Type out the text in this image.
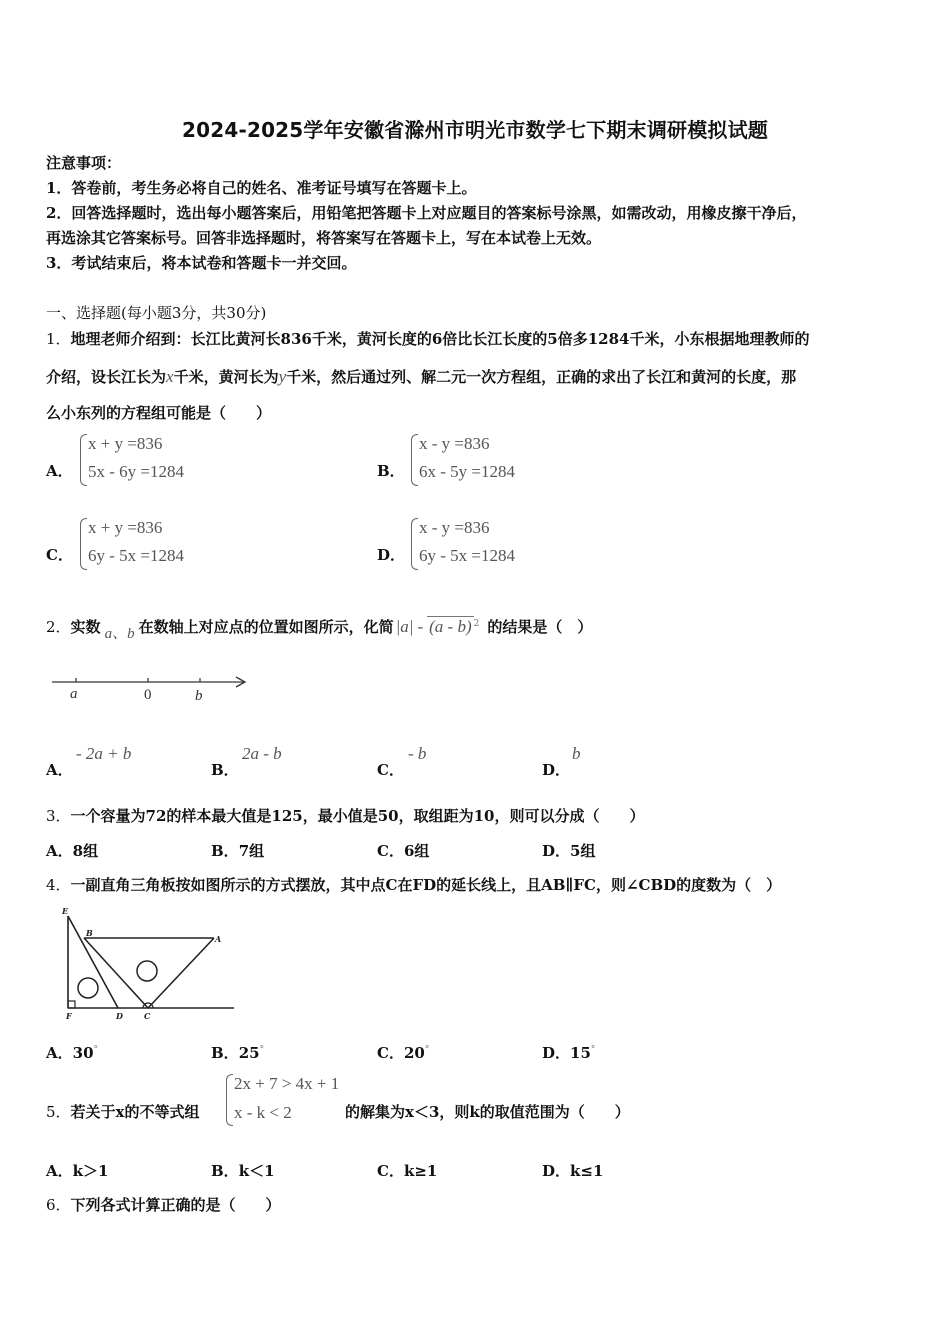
2024-2025学年安徽省滁州市明光市数学七下期末调研模拟试题
注意事项：
1．答卷前，考生务必将自己的姓名、准考证号填写在答题卡上。
2．回答选择题时，选出每小题答案后，用铅笔把答题卡上对应题目的答案标号涂黑，如需改动，用橡皮擦干净后，
再选涂其它答案标号。回答非选择题时，将答案写在答题卡上，写在本试卷上无效。
3．考试结束后，将本试卷和答题卡一并交回。
一、选择题(每小题3分，共30分)
1．地理老师介绍到：长江比黄河长836千米，黄河长度的6倍比长江长度的5倍多1284千米，小东根据地理教师的
介绍，设长江长为x千米，黄河长为y千米，然后通过列、解二元一次方程组，正确的求出了长江和黄河的长度，那
么小东列的方程组可能是（　　）
A．
x + y =836
5x - 6y =1284	B．
x - y =836
6x - 5y =1284
C．
x + y =836
6y - 5x =1284	D．
x - y =836
6y - 5x =1284
2．实数 a、b 在数轴上对应点的位置如图所示，化简 |a| - (a - b) $^2$ 的结果是（　）
a	0	b
A．
- 2a + b
B．
2a - b
C．
- b
D．
b
3．一个容量为72的样本最大值是125，最小值是50，取组距为10，则可以分成（　　）
A．8组	B．7组	C．6组	D．5组
4．一副直角三角板按如图所示的方式摆放，其中点C在FD的延长线上，且AB∥FC，则∠CBD的度数为（　）
E
B
A
F	D	C
A．30°	B．25°	C．20°	D．15°
5．若关于x的不等式组
2x + 7 > 4x + 1
x - k < 2	的解集为x＜3，则k的取值范围为（　　）
A．k＞1	B．k＜1	C．k≥1	D．k≤1
6．下列各式计算正确的是（　　）
